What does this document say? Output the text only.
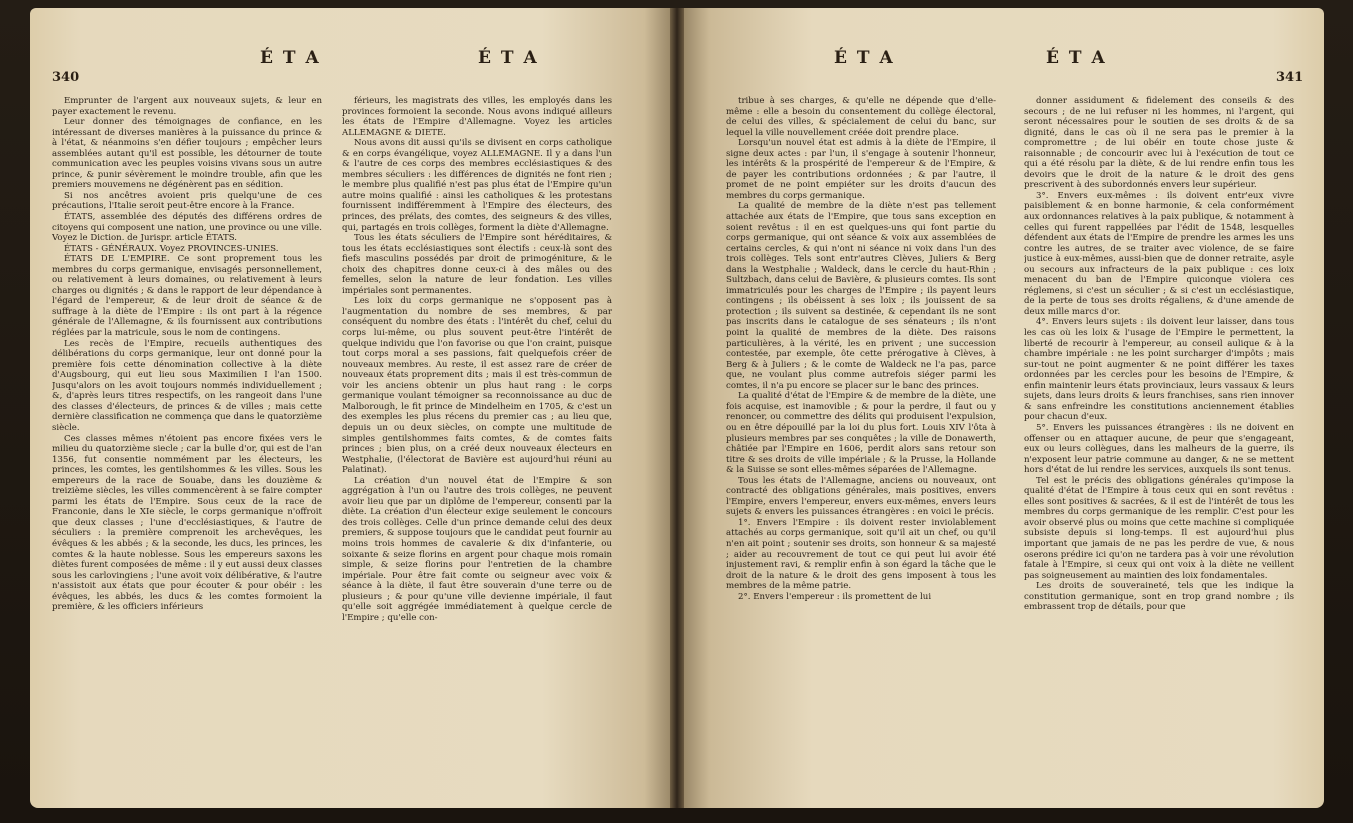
340
É T A	É T A

Emprunter de l'argent aux nouveaux sujets, & leur en payer exactement le revenu.

Leur donner des témoignages de confiance, en les intéressant de diverses manières à la puissance du prince & à l'état, & néanmoins s'en défier toujours ; empêcher leurs assemblées autant qu'il est possible, les détourner de toute communication avec les peuples voisins vivans sous un autre prince, & punir sévèrement le moindre trouble, afin que les premiers mouvemens ne dégénèrent pas en sédition.

Si nos ancêtres avoient pris quelqu'une de ces précautions, l'Italie seroit peut-être encore à la France.

ÉTATS, assemblée des députés des différens ordres de citoyens qui composent une nation, une province ou une ville. Voyez le Diction. de Jurispr. article ÉTATS.

ÉTATS - GÉNÉRAUX. Voyez PROVINCES-UNIES.

ÉTATS DE L'EMPIRE. Ce sont proprement tous les membres du corps germanique, envisagés personnellement, ou relativement à leurs domaines, ou relativement à leurs charges ou dignités ; & dans le rapport de leur dépendance à l'égard de l'empereur, & de leur droit de séance & de suffrage à la diète de l'Empire : ils ont part à la régence générale de l'Allemagne, & ils fournissent aux contributions réglées par la matricule, sous le nom de contingens.

Les recès de l'Empire, recueils authentiques des délibérations du corps germanique, leur ont donné pour la première fois cette dénomination collective à la diète d'Augsbourg, qui eut lieu sous Maximilien I l'an 1500. Jusqu'alors on les avoit toujours nommés individuellement ; &, d'après leurs titres respectifs, on les rangeoit dans l'une des classes d'électeurs, de princes & de villes ; mais cette dernière classification ne commença que dans le quatorzième siècle.

Ces classes mêmes n'étoient pas encore fixées vers le milieu du quatorzième siecle ; car la bulle d'or, qui est de l'an 1356, fut consentie nommément par les électeurs, les princes, les comtes, les gentilshommes & les villes. Sous les empereurs de la race de Souabe, dans les douzième & treizième siècles, les villes commencèrent à se faire compter parmi les états de l'Empire. Sous ceux de la race de Franconie, dans le XIe siècle, le corps germanique n'offroit que deux classes ; l'une d'ecclésiastiques, & l'autre de séculiers : la première comprenoit les archevêques, les évêques & les abbés ; & la seconde, les ducs, les princes, les comtes & la haute noblesse. Sous les empereurs saxons les diètes furent composées de même : il y eut aussi deux classes sous les carlovingiens ; l'une avoit voix délibérative, & l'autre n'assistoit aux états que pour écouter & pour obéir : les évêques, les abbés, les ducs & les comtes formoient la première, & les officiers inférieurs

férieurs, les magistrats des villes, les employés dans les provinces formoient la seconde. Nous avons indiqué ailleurs les états de l'Empire d'Allemagne. Voyez les articles ALLEMAGNE & DIETE.

Nous avons dit aussi qu'ils se divisent en corps catholique & en corps évangélique, voyez ALLEMAGNE. Il y a dans l'un & l'autre de ces corps des membres ecclésiastiques & des membres séculiers : les différences de dignités ne font rien ; le membre plus qualifié n'est pas plus état de l'Empire qu'un autre moins qualifié : ainsi les catholiques & les protestans fournissent indifféremment à l'Empire des électeurs, des princes, des prélats, des comtes, des seigneurs & des villes, qui, partagés en trois collèges, forment la diète d'Allemagne.

Tous les états séculiers de l'Empire sont héréditaires, & tous les états ecclésiastiques sont électifs : ceux-là sont des fiefs masculins possédés par droit de primogéniture, & le choix des chapitres donne ceux-ci à des mâles ou des femelles, selon la nature de leur fondation. Les villes impériales sont permanentes.

Les loix du corps germanique ne s'opposent pas à l'augmentation du nombre de ses membres, & par conséquent du nombre des états : l'intérêt du chef, celui du corps lui-même, ou plus souvent peut-être l'intérêt de quelque individu que l'on favorise ou que l'on craint, puisque tout corps moral a ses passions, fait quelquefois créer de nouveaux membres. Au reste, il est assez rare de créer de nouveaux états proprement dits ; mais il est très-commun de voir les anciens obtenir un plus haut rang : le corps germanique voulant témoigner sa reconnoissance au duc de Malborough, le fit prince de Mindelheim en 1705, & c'est un des exemples les plus récens du premier cas ; au lieu que, depuis un ou deux siècles, on compte une multitude de simples gentilshommes faits comtes, & de comtes faits princes ; bien plus, on a créé deux nouveaux électeurs en Westphalie, (l'électorat de Bavière est aujourd'hui réuni au Palatinat).

La création d'un nouvel état de l'Empire & son aggrégation à l'un ou l'autre des trois collèges, ne peuvent avoir lieu que par un diplôme de l'empereur, consenti par la diète. La création d'un électeur exige seulement le concours des trois collèges. Celle d'un prince demande celui des deux premiers, & suppose toujours que le candidat peut fournir au moins trois hommes de cavalerie & dix d'infanterie, ou soixante & seize florins en argent pour chaque mois romain simple, & seize florins pour l'entretien de la chambre impériale. Pour être fait comte ou seigneur avec voix & séance à la diète, il faut être souverain d'une terre ou de plusieurs ; & pour qu'une ville devienne impériale, il faut qu'elle soit aggrégée immédiatement à quelque cercle de l'Empire ; qu'elle con-

É T A	É T A
341

tribue à ses charges, & qu'elle ne dépende que d'elle-même : elle a besoin du consentement du collège électoral, de celui des villes, & spécialement de celui du banc, sur lequel la ville nouvellement créée doit prendre place.

Lorsqu'un nouvel état est admis à la diète de l'Empire, il signe deux actes : par l'un, il s'engage à soutenir l'honneur, les intérêts & la prospérité de l'empereur & de l'Empire, & de payer les contributions ordonnées ; & par l'autre, il promet de ne point empiéter sur les droits d'aucun des membres du corps germanique.

La qualité de membre de la diète n'est pas tellement attachée aux états de l'Empire, que tous sans exception en soient revêtus : il en est quelques-uns qui font partie du corps germanique, qui ont séance & voix aux assemblées de certains cercles, & qui n'ont ni séance ni voix dans l'un des trois collèges. Tels sont entr'autres Clèves, Juliers & Berg dans la Westphalie ; Waldeck, dans le cercle du haut-Rhin ; Sultzbach, dans celui de Bavière, & plusieurs comtes. Ils sont immatriculés pour les charges de l'Empire ; ils payent leurs contingens ; ils obéissent à ses loix ; ils jouissent de sa protection ; ils suivent sa destinée, & cependant ils ne sont pas inscrits dans le catalogue de ses sénateurs ; ils n'ont point la qualité de membres de la diète. Des raisons particulières, à la vérité, les en privent ; une succession contestée, par exemple, ôte cette prérogative à Clèves, à Berg & à Juliers ; & le comte de Waldeck ne l'a pas, parce que, ne voulant plus comme autrefois siéger parmi les comtes, il n'a pu encore se placer sur le banc des princes.

La qualité d'état de l'Empire & de membre de la diète, une fois acquise, est inamovible ; & pour la perdre, il faut ou y renoncer, ou commettre des délits qui produisent l'expulsion, ou en être dépouillé par la loi du plus fort. Louis XIV l'ôta à plusieurs membres par ses conquêtes ; la ville de Donawerth, châtiée par l'Empire en 1606, perdit alors sans retour son titre & ses droits de ville impériale ; & la Prusse, la Hollande & la Suisse se sont elles-mêmes séparées de l'Allemagne.

Tous les états de l'Allemagne, anciens ou nouveaux, ont contracté des obligations générales, mais positives, envers l'Empire, envers l'empereur, envers eux-mêmes, envers leurs sujets & envers les puissances étrangères : en voici le précis.

1°. Envers l'Empire : ils doivent rester inviolablement attachés au corps germanique, soit qu'il ait un chef, ou qu'il n'en ait point ; soutenir ses droits, son honneur & sa majesté ; aider au recouvrement de tout ce qui peut lui avoir été injustement ravi, & remplir enfin à son égard la tâche que le droit de la nature & le droit des gens imposent à tous les membres de la même patrie.

2°. Envers l'empereur : ils promettent de lui

donner assidument & fidelement des conseils & des secours ; de ne lui refuser ni les hommes, ni l'argent, qui seront nécessaires pour le soutien de ses droits & de sa dignité, dans le cas où il ne sera pas le premier à la compromettre ; de lui obéir en toute chose juste & raisonnable ; de concourir avec lui à l'exécution de tout ce qui a été résolu par la diète, & de lui rendre enfin tous les devoirs que le droit de la nature & le droit des gens prescrivent à des subordonnés envers leur supérieur.

3°. Envers eux-mêmes : ils doivent entr'eux vivre paisiblement & en bonne harmonie, & cela conformément aux ordonnances relatives à la paix publique, & notamment à celles qui furent rappellées par l'édit de 1548, lesquelles défendent aux états de l'Empire de prendre les armes les uns contre les autres, de se traiter avec violence, de se faire justice à eux-mêmes, aussi-bien que de donner retraite, asyle ou secours aux infracteurs de la paix publique : ces loix menacent du ban de l'Empire quiconque violera ces réglemens, si c'est un séculier ; & si c'est un ecclésiastique, de la perte de tous ses droits régaliens, & d'une amende de deux mille marcs d'or.

4°. Envers leurs sujets : ils doivent leur laisser, dans tous les cas où les loix & l'usage de l'Empire le permettent, la liberté de recourir à l'empereur, au conseil aulique & à la chambre impériale : ne les point surcharger d'impôts ; mais sur-tout ne point augmenter & ne point différer les taxes ordonnées par les cercles pour les besoins de l'Empire, & enfin maintenir leurs états provinciaux, leurs vassaux & leurs sujets, dans leurs droits & leurs franchises, sans rien innover & sans enfreindre les constitutions anciennement établies pour chacun d'eux.

5°. Envers les puissances étrangères : ils ne doivent en offenser ou en attaquer aucune, de peur que s'engageant, eux ou leurs collègues, dans les malheurs de la guerre, ils n'exposent leur patrie commune au danger, & ne se mettent hors d'état de lui rendre les services, auxquels ils sont tenus.

Tel est le précis des obligations générales qu'impose la qualité d'état de l'Empire à tous ceux qui en sont revêtus : elles sont positives & sacrées, & il est de l'intérêt de tous les membres du corps germanique de les remplir. C'est pour les avoir observé plus ou moins que cette machine si compliquée subsiste depuis si long-temps. Il est aujourd'hui plus important que jamais de ne pas les perdre de vue, & nous oserons prédire ici qu'on ne tardera pas à voir une révolution fatale à l'Empire, si ceux qui ont voix à la diète ne veillent pas soigneusement au maintien des loix fondamentales.

Les droits de souveraineté, tels que les indique la constitution germanique, sont en trop grand nombre ; ils embrassent trop de détails, pour que
